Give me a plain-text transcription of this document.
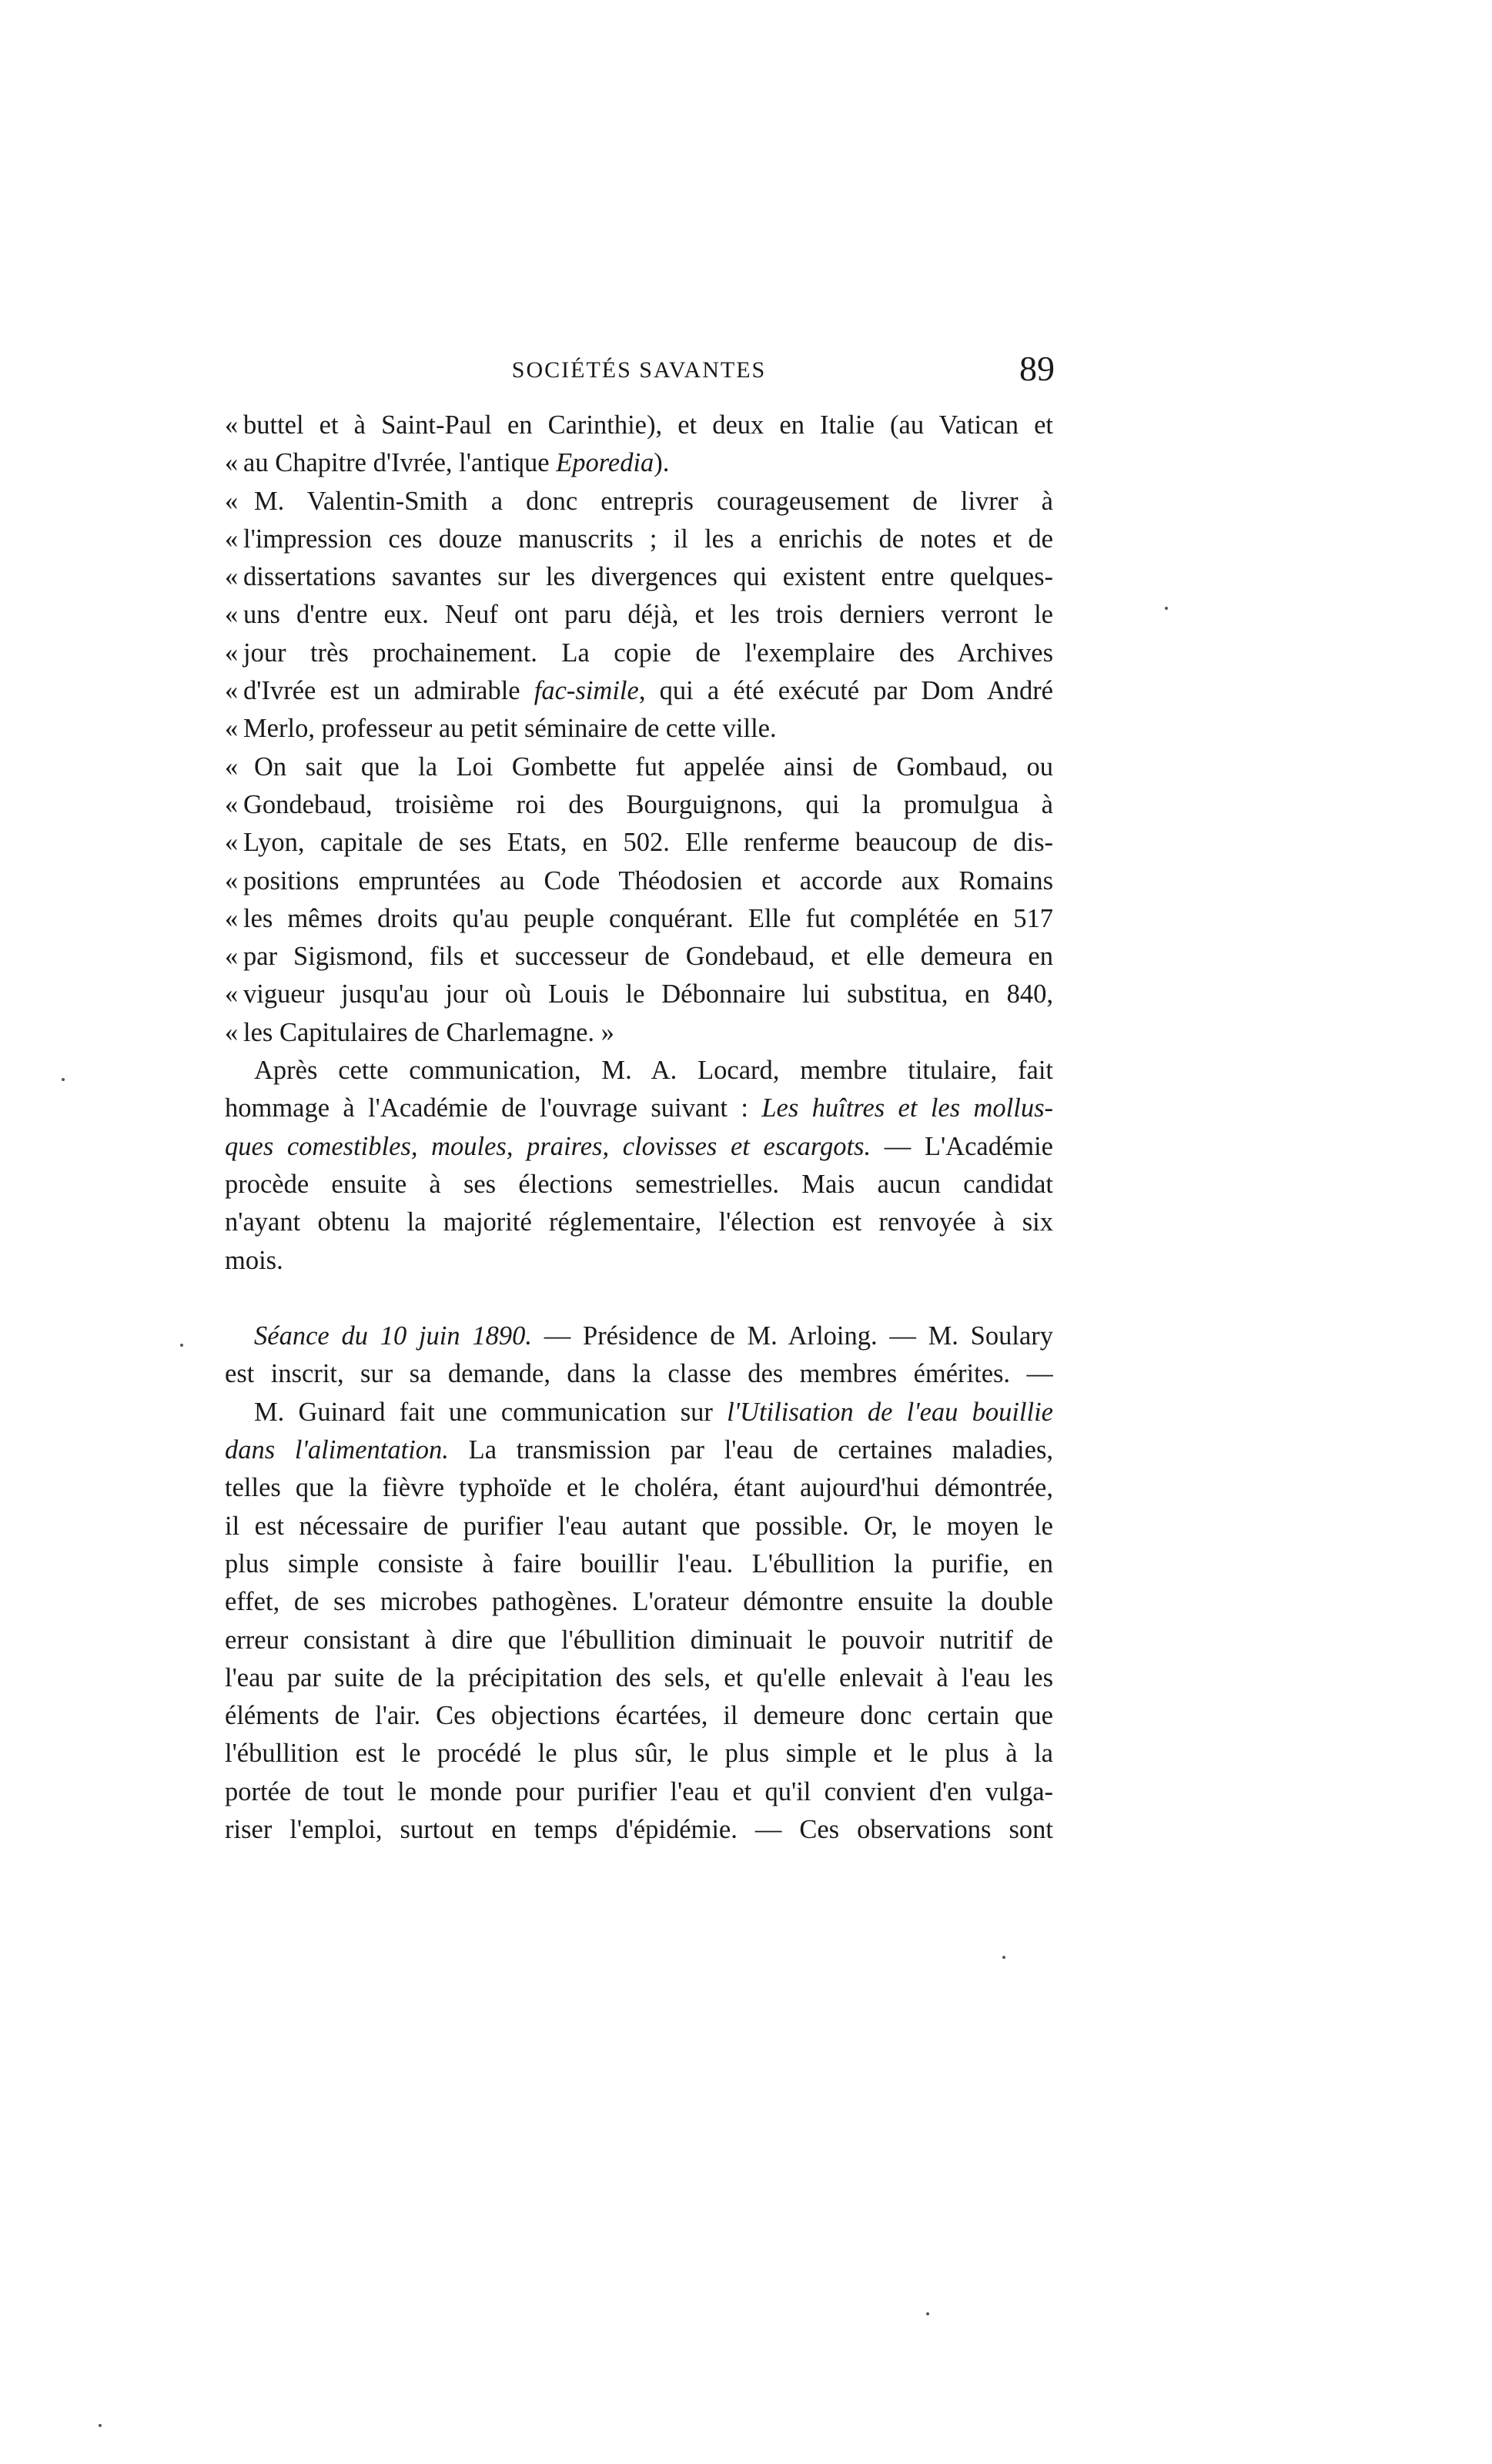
SOCIÉTÉS SAVANTES	89
« buttel et à Saint-Paul en Carinthie), et deux en Italie (au Vatican et
« au Chapitre d'Ivrée, l'antique Eporedia).
« M. Valentin-Smith a donc entrepris courageusement de livrer à
« l'impression ces douze manuscrits ; il les a enrichis de notes et de
« dissertations savantes sur les divergences qui existent entre quelques-
« uns d'entre eux. Neuf ont paru déjà, et les trois derniers verront le
« jour très prochainement. La copie de l'exemplaire des Archives
« d'Ivrée est un admirable fac-simile, qui a été exécuté par Dom André
« Merlo, professeur au petit séminaire de cette ville.
« On sait que la Loi Gombette fut appelée ainsi de Gombaud, ou
« Gondebaud, troisième roi des Bourguignons, qui la promulgua à
« Lyon, capitale de ses Etats, en 502. Elle renferme beaucoup de dis-
« positions empruntées au Code Théodosien et accorde aux Romains
« les mêmes droits qu'au peuple conquérant. Elle fut complétée en 517
« par Sigismond, fils et successeur de Gondebaud, et elle demeura en
« vigueur jusqu'au jour où Louis le Débonnaire lui substitua, en 840,
« les Capitulaires de Charlemagne. »
Après cette communication, M. A. Locard, membre titulaire, fait
hommage à l'Académie de l'ouvrage suivant : Les huîtres et les mollus-
ques comestibles, moules, praires, clovisses et escargots. — L'Académie
procède ensuite à ses élections semestrielles. Mais aucun candidat
n'ayant obtenu la majorité réglementaire, l'élection est renvoyée à six
mois.
Séance du 10 juin 1890. — Présidence de M. Arloing. — M. Soulary
est inscrit, sur sa demande, dans la classe des membres émérites. —
M. Guinard fait une communication sur l'Utilisation de l'eau bouillie
dans l'alimentation. La transmission par l'eau de certaines maladies,
telles que la fièvre typhoïde et le choléra, étant aujourd'hui démontrée,
il est nécessaire de purifier l'eau autant que possible. Or, le moyen le
plus simple consiste à faire bouillir l'eau. L'ébullition la purifie, en
effet, de ses microbes pathogènes. L'orateur démontre ensuite la double
erreur consistant à dire que l'ébullition diminuait le pouvoir nutritif de
l'eau par suite de la précipitation des sels, et qu'elle enlevait à l'eau les
éléments de l'air. Ces objections écartées, il demeure donc certain que
l'ébullition est le procédé le plus sûr, le plus simple et le plus à la
portée de tout le monde pour purifier l'eau et qu'il convient d'en vulga-
riser l'emploi, surtout en temps d'épidémie. — Ces observations sont
